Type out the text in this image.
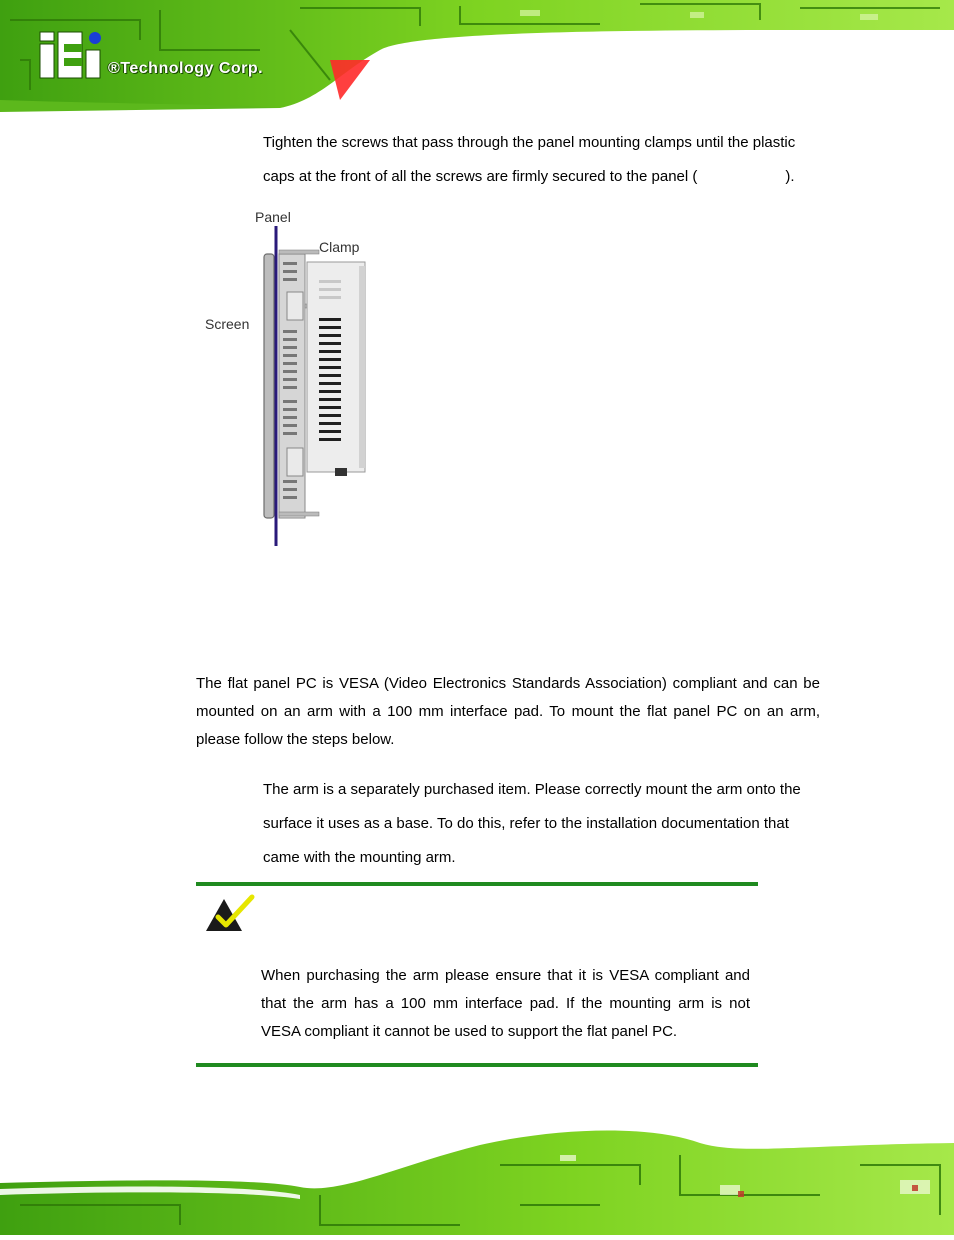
®Technology Corp.

Tighten the screws that pass through the panel mounting clamps until the plastic caps at the front of all the screws are firmly secured to the panel (	).

Panel
Clamp
Screen

The flat panel PC is VESA (Video Electronics Standards Association) compliant and can be mounted on an arm with a 100 mm interface pad. To mount the flat panel PC on an arm, please follow the steps below.

The arm is a separately purchased item. Please correctly mount the arm onto the surface it uses as a base. To do this, refer to the installation documentation that came with the mounting arm.

When purchasing the arm please ensure that it is VESA compliant and that the arm has a 100 mm interface pad. If the mounting arm is not VESA compliant it cannot be used to support the flat panel PC.
